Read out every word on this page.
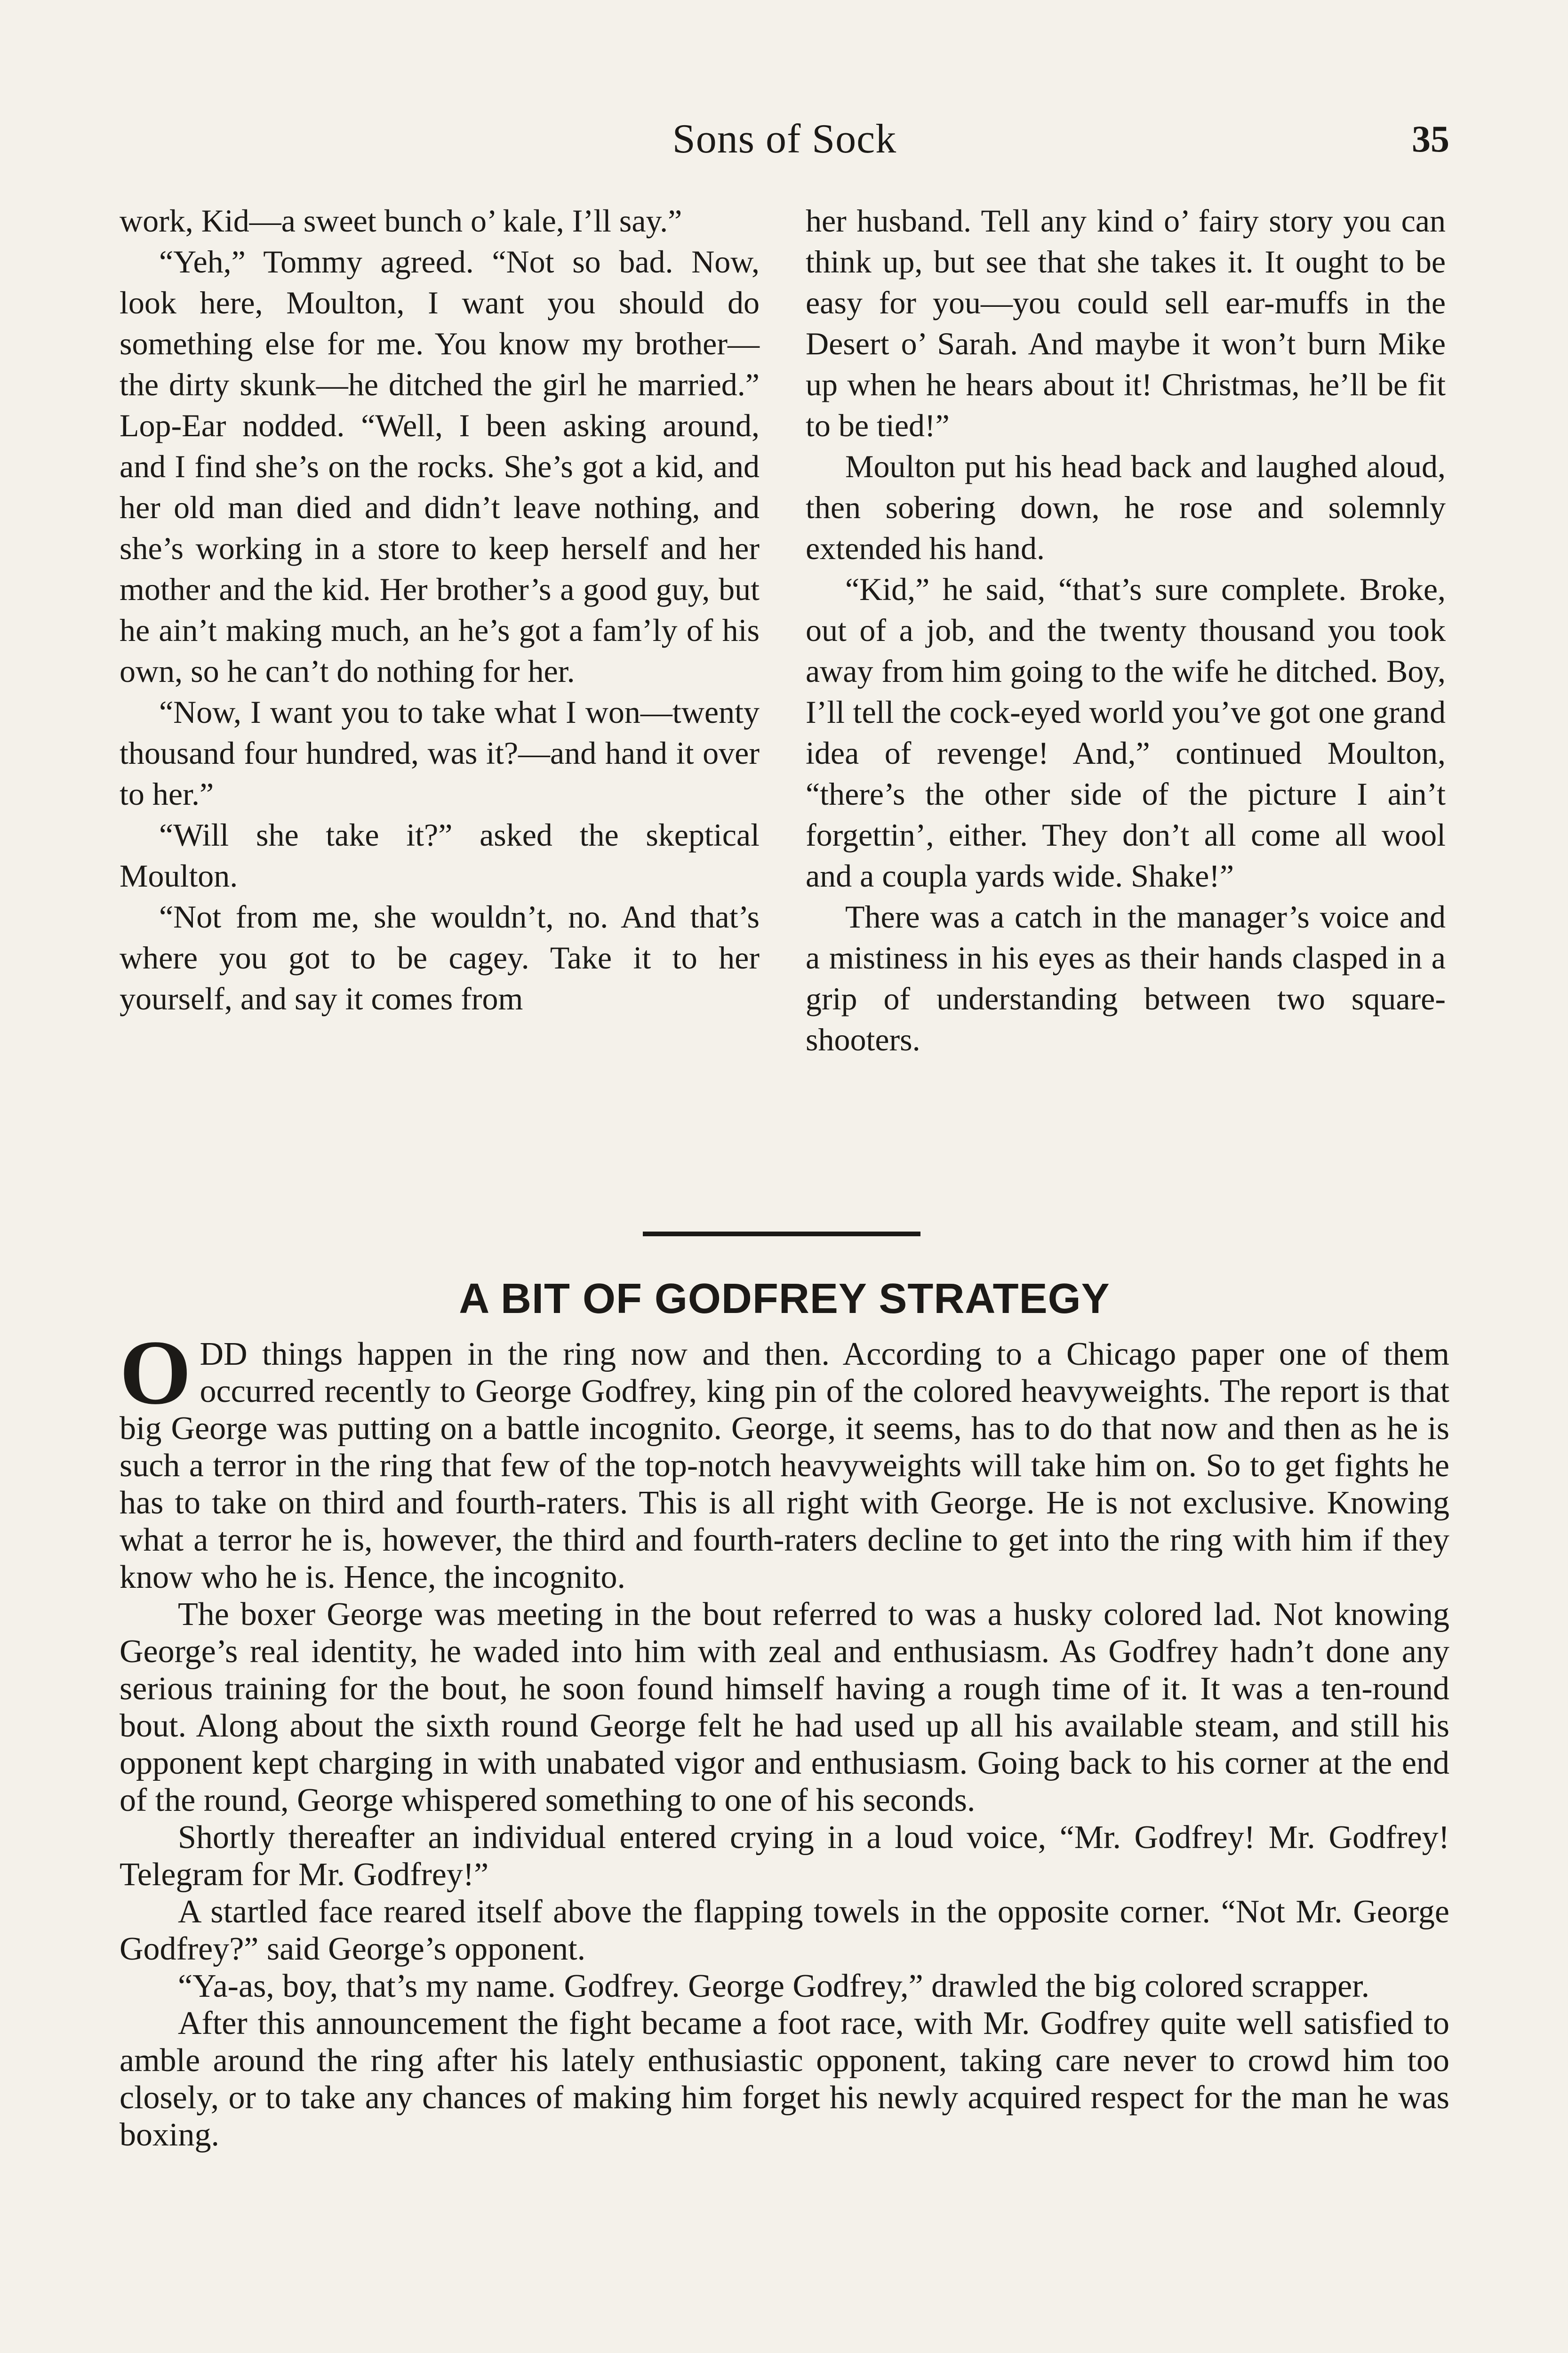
Sons of Sock	35

work, Kid—a sweet bunch o’ kale, I’ll say.”

“Yeh,” Tommy agreed. “Not so bad. Now, look here, Moulton, I want you should do something else for me. You know my brother—the dirty skunk—he ditched the girl he married.” Lop-Ear nodded. “Well, I been asking around, and I find she’s on the rocks. She’s got a kid, and her old man died and didn’t leave nothing, and she’s working in a store to keep herself and her mother and the kid. Her brother’s a good guy, but he ain’t making much, an he’s got a fam’ly of his own, so he can’t do nothing for her.

“Now, I want you to take what I won—twenty thousand four hundred, was it?—and hand it over to her.”

“Will she take it?” asked the skeptical Moulton.

“Not from me, she wouldn’t, no. And that’s where you got to be cagey. Take it to her yourself, and say it comes from

her husband. Tell any kind o’ fairy story you can think up, but see that she takes it. It ought to be easy for you—you could sell ear-muffs in the Desert o’ Sarah. And maybe it won’t burn Mike up when he hears about it! Christmas, he’ll be fit to be tied!”

Moulton put his head back and laughed aloud, then sobering down, he rose and solemnly extended his hand.

“Kid,” he said, “that’s sure complete. Broke, out of a job, and the twenty thousand you took away from him going to the wife he ditched. Boy, I’ll tell the cock-eyed world you’ve got one grand idea of revenge! And,” continued Moulton, “there’s the other side of the picture I ain’t forgettin’, either. They don’t all come all wool and a coupla yards wide. Shake!”

There was a catch in the manager’s voice and a mistiness in his eyes as their hands clasped in a grip of understanding between two square-shooters.

A BIT OF GODFREY STRATEGY

ODD things happen in the ring now and then. According to a Chicago paper one of them occurred recently to George Godfrey, king pin of the colored heavyweights. The report is that big George was putting on a battle incognito. George, it seems, has to do that now and then as he is such a terror in the ring that few of the top-notch heavyweights will take him on. So to get fights he has to take on third and fourth-raters. This is all right with George. He is not exclusive. Knowing what a terror he is, however, the third and fourth-raters decline to get into the ring with him if they know who he is. Hence, the incognito.

The boxer George was meeting in the bout referred to was a husky colored lad. Not knowing George’s real identity, he waded into him with zeal and enthusiasm. As Godfrey hadn’t done any serious training for the bout, he soon found himself having a rough time of it. It was a ten-round bout. Along about the sixth round George felt he had used up all his available steam, and still his opponent kept charging in with unabated vigor and enthusiasm. Going back to his corner at the end of the round, George whispered something to one of his seconds.

Shortly thereafter an individual entered crying in a loud voice, “Mr. Godfrey! Mr. Godfrey! Telegram for Mr. Godfrey!”

A startled face reared itself above the flapping towels in the opposite corner. “Not Mr. George Godfrey?” said George’s opponent.

“Ya-as, boy, that’s my name. Godfrey. George Godfrey,” drawled the big colored scrapper.

After this announcement the fight became a foot race, with Mr. Godfrey quite well satisfied to amble around the ring after his lately enthusiastic opponent, taking care never to crowd him too closely, or to take any chances of making him forget his newly acquired respect for the man he was boxing.
